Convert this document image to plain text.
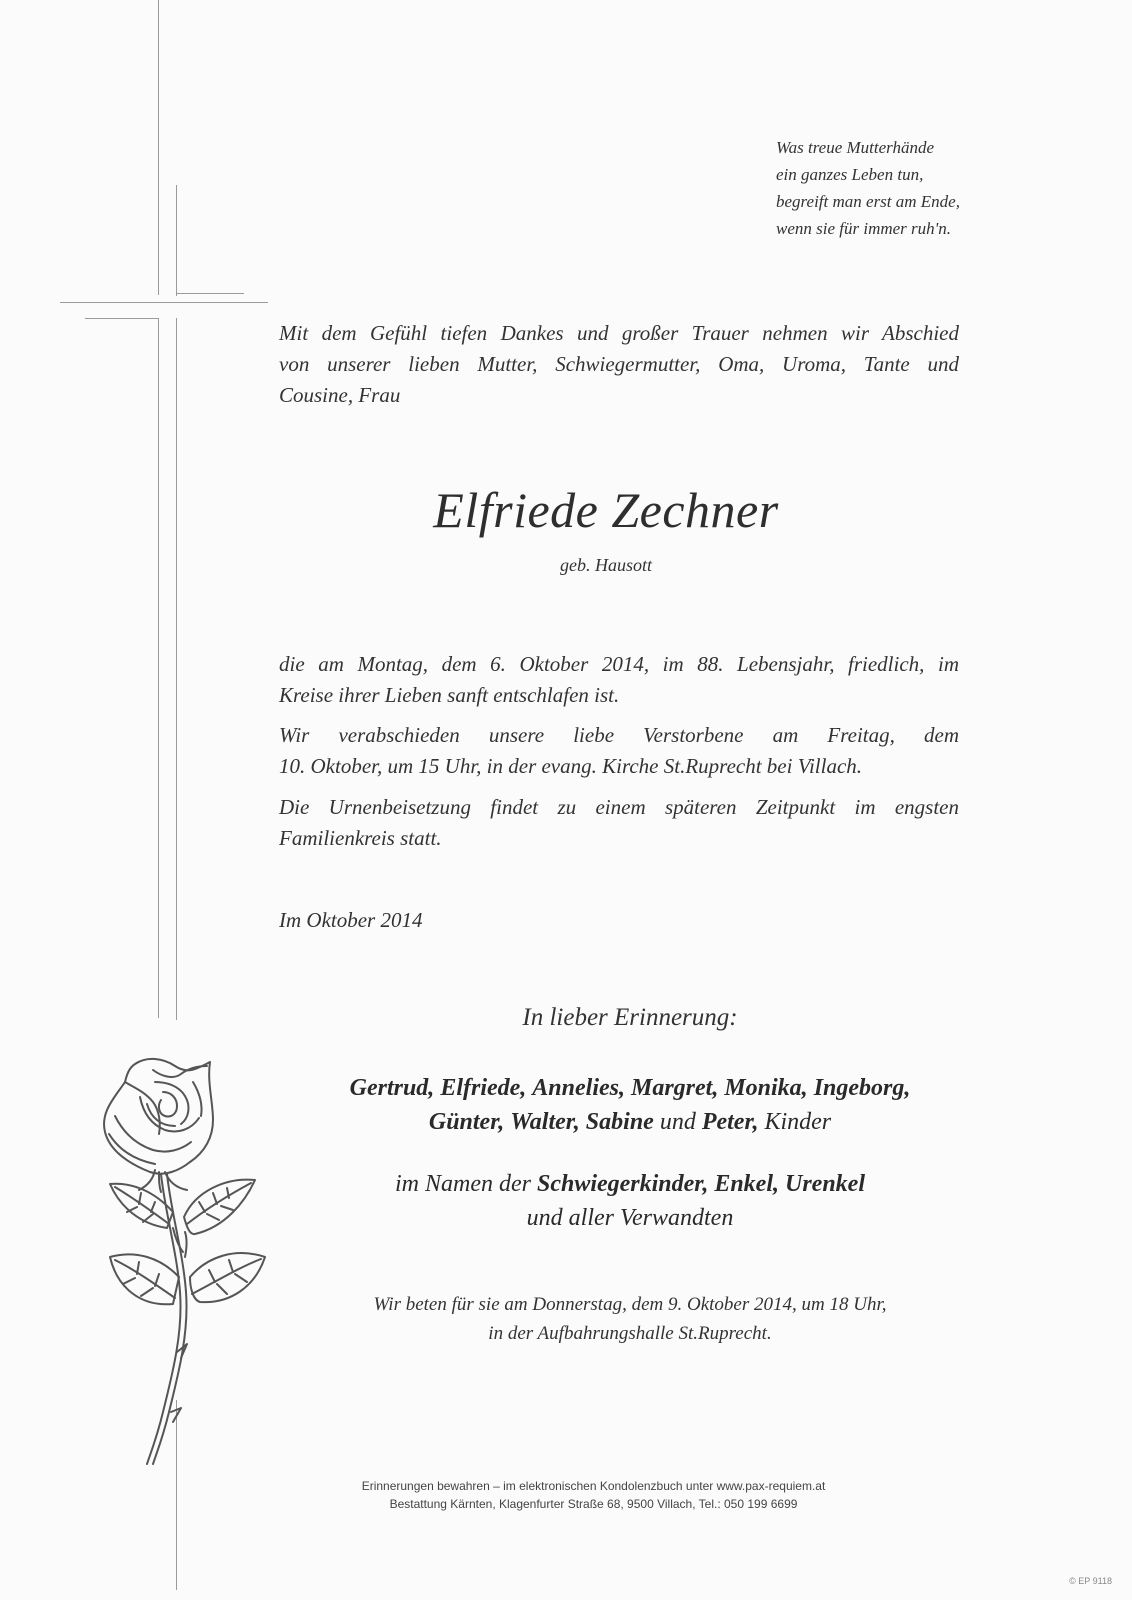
Was treue Mutterhände
ein ganzes Leben tun,
begreift man erst am Ende,
wenn sie für immer ruh'n.
Mit dem Gefühl tiefen Dankes und großer Trauer nehmen wir Abschied
von unserer lieben Mutter, Schwiegermutter, Oma, Uroma, Tante und
Cousine, Frau
Elfriede Zechner
geb. Hausott
die am Montag, dem 6. Oktober 2014, im 88. Lebensjahr, friedlich, im
Kreise ihrer Lieben sanft entschlafen ist.
Wir verabschieden unsere liebe Verstorbene am Freitag, dem
10. Oktober, um 15 Uhr, in der evang. Kirche St.Ruprecht bei Villach.
Die Urnenbeisetzung findet zu einem späteren Zeitpunkt im engsten
Familienkreis statt.
Im Oktober 2014
In lieber Erinnerung:
Gertrud, Elfriede, Annelies, Margret, Monika, Ingeborg,
Günter, Walter, Sabine und Peter, Kinder
im Namen der Schwiegerkinder, Enkel, Urenkel
und aller Verwandten
Wir beten für sie am Donnerstag, dem 9. Oktober 2014, um 18 Uhr,
in der Aufbahrungshalle St.Ruprecht.
Erinnerungen bewahren – im elektronischen Kondolenzbuch unter www.pax-requiem.at
Bestattung Kärnten, Klagenfurter Straße 68, 9500 Villach, Tel.: 050 199 6699
© EP 9118
